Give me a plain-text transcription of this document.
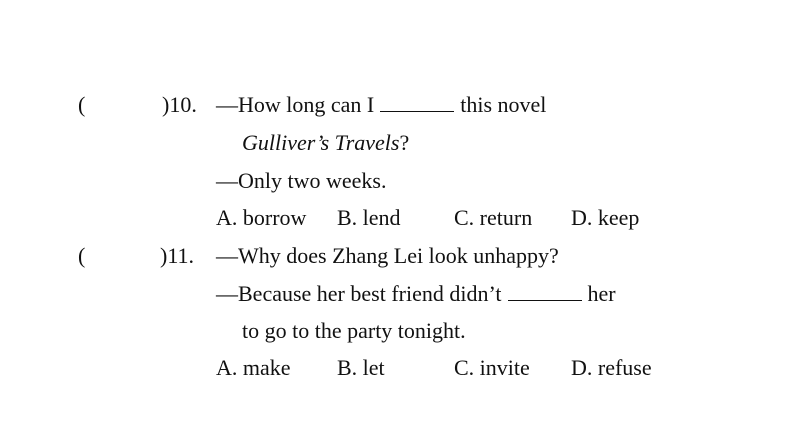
(	)10. —How long can I	this novel
Gulliver’s Travels?
—Only two weeks.
A. borrow B. lend C. return D. keep
(	)11. —Why does Zhang Lei look unhappy?
—Because her best friend didn’t	her
to go to the party tonight.
A. make B. let	C. invite D. refuse
